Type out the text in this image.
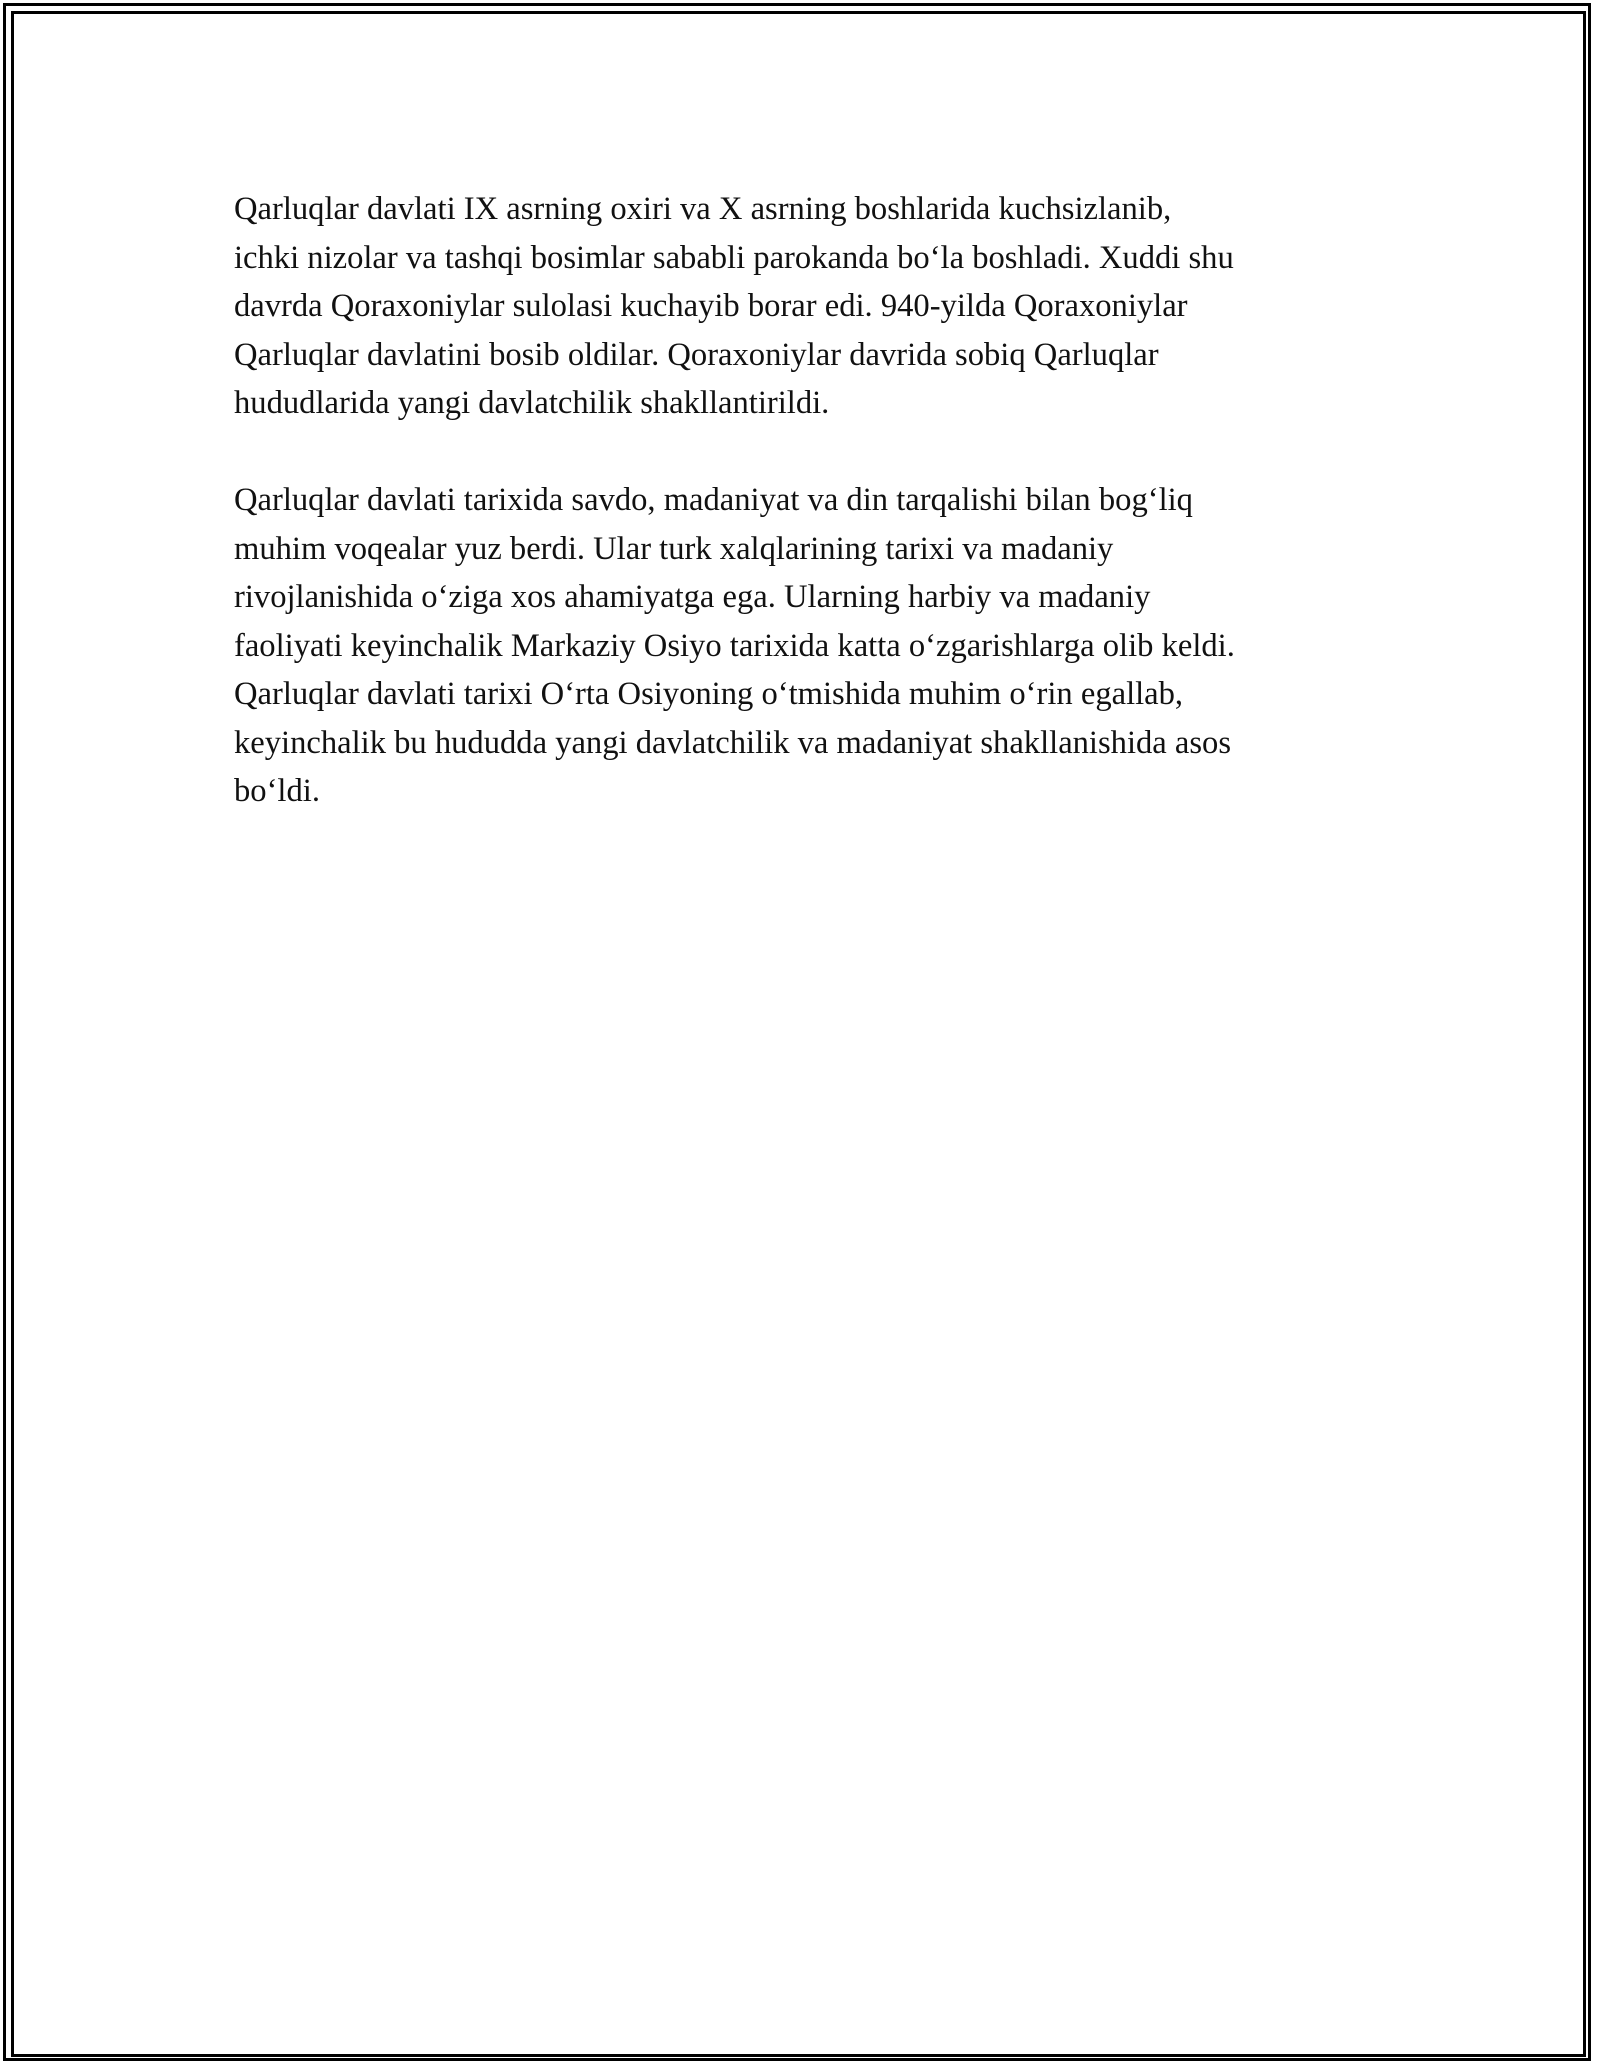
Qarluqlar davlati IX asrning oxiri va X asrning boshlarida kuchsizlanib,
ichki nizolar va tashqi bosimlar sababli parokanda bo‘la boshladi. Xuddi shu
davrda Qoraxoniylar sulolasi kuchayib borar edi. 940-yilda Qoraxoniylar
Qarluqlar davlatini bosib oldilar. Qoraxoniylar davrida sobiq Qarluqlar
hududlarida yangi davlatchilik shakllantirildi.

Qarluqlar davlati tarixida savdo, madaniyat va din tarqalishi bilan bog‘liq
muhim voqealar yuz berdi. Ular turk xalqlarining tarixi va madaniy
rivojlanishida o‘ziga xos ahamiyatga ega. Ularning harbiy va madaniy
faoliyati keyinchalik Markaziy Osiyo tarixida katta o‘zgarishlarga olib keldi.
Qarluqlar davlati tarixi O‘rta Osiyoning o‘tmishida muhim o‘rin egallab,
keyinchalik bu hududda yangi davlatchilik va madaniyat shakllanishida asos
bo‘ldi.
